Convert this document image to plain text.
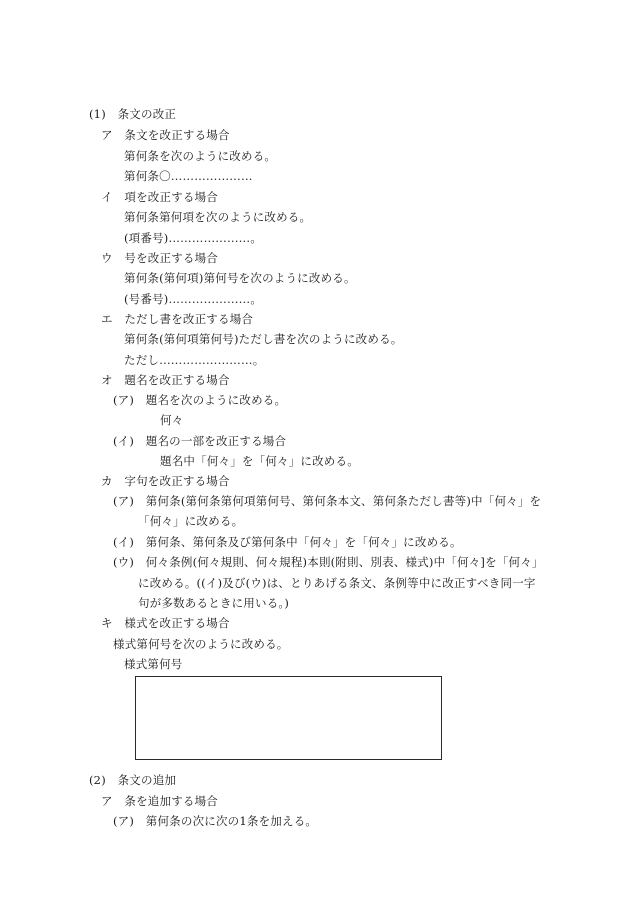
(1)　条文の改正
ア　条文を改正する場合
第何条を次のように改める。
第何条〇…………………
イ　項を改正する場合
第何条第何項を次のように改める。
(項番号)…………………。
ウ　号を改正する場合
第何条(第何項)第何号を次のように改める。
(号番号)…………………。
エ　ただし書を改正する場合
第何条(第何項第何号)ただし書を次のように改める。
ただし……………………。
オ　題名を改正する場合
(ア)　題名を次のように改める。
何々
(イ)　題名の一部を改正する場合
題名中「何々」を「何々」に改める。
カ　字句を改正する場合
(ア)　第何条(第何条第何項第何号、第何条本文、第何条ただし書等)中「何々」を
「何々」に改める。
(イ)　第何条、第何条及び第何条中「何々」を「何々」に改める。
(ウ)　何々条例(何々規則、何々規程)本則(附則、別表、様式)中「何々]を「何々」
に改める。((イ)及び(ウ)は、とりあげる条文、条例等中に改正すべき同一字
句が多数あるときに用いる。)
キ　様式を改正する場合
様式第何号を次のように改める。
様式第何号
(2)　条文の追加
ア　条を追加する場合
(ア)　第何条の次に次の1条を加える。
